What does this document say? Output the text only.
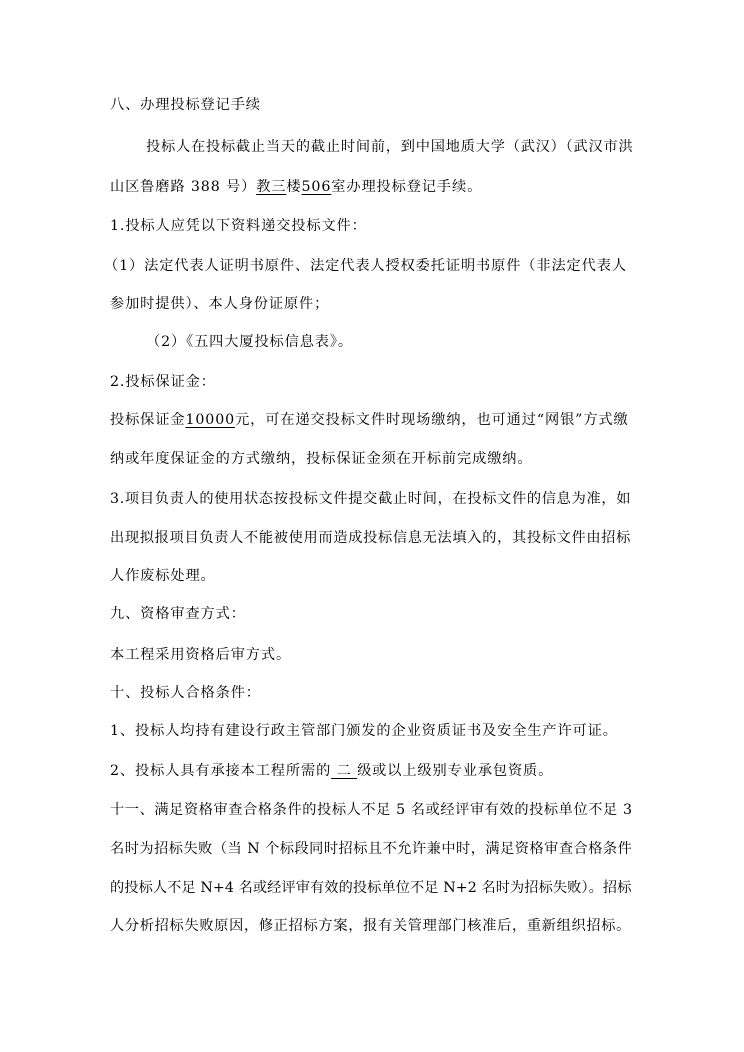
八、办理投标登记手续
投标人在投标截止当天的截止时间前，到中国地质大学（武汉）（武汉市洪
山区鲁磨路 388 号）教三楼506室办理投标登记手续。
1.投标人应凭以下资料递交投标文件：
（1）法定代表人证明书原件、法定代表人授权委托证明书原件（非法定代表人
参加时提供）、本人身份证原件；
（2）《五四大厦投标信息表》。
2.投标保证金：
投标保证金10000元，可在递交投标文件时现场缴纳，也可通过“网银”方式缴
纳或年度保证金的方式缴纳，投标保证金须在开标前完成缴纳。
3.项目负责人的使用状态按投标文件提交截止时间，在投标文件的信息为准，如
出现拟报项目负责人不能被使用而造成投标信息无法填入的，其投标文件由招标
人作废标处理。
九、资格审查方式：
本工程采用资格后审方式。
十、投标人合格条件：
1、投标人均持有建设行政主管部门颁发的企业资质证书及安全生产许可证。
2、投标人具有承接本工程所需的 二 级或以上级别专业承包资质。
十一、满足资格审查合格条件的投标人不足 5 名或经评审有效的投标单位不足 3
名时为招标失败（当 N 个标段同时招标且不允许兼中时，满足资格审查合格条件
的投标人不足 N+4 名或经评审有效的投标单位不足 N+2 名时为招标失败）。招标
人分析招标失败原因，修正招标方案，报有关管理部门核准后，重新组织招标。
